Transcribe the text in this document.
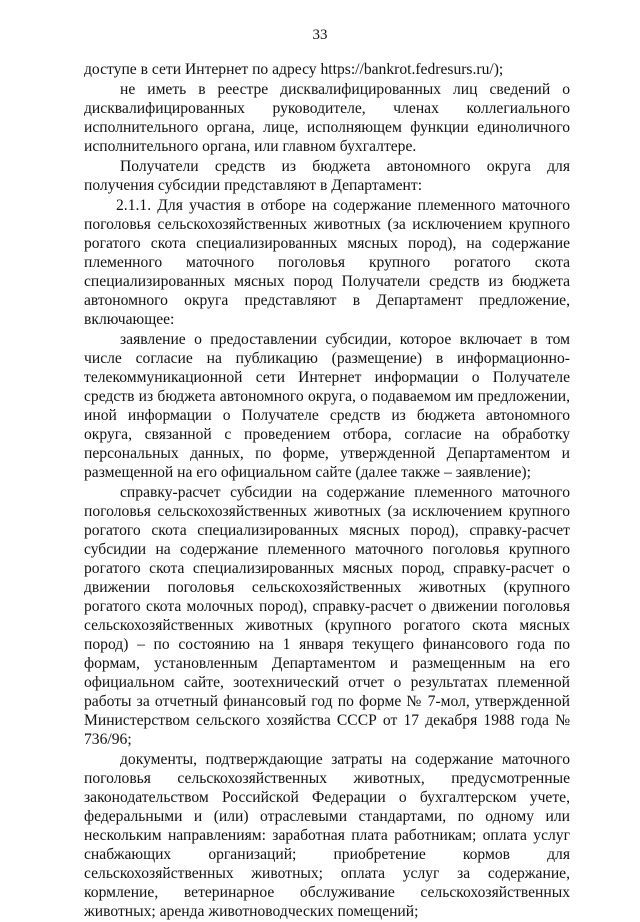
33

доступе в сети Интернет по адресу https://bankrot.fedresurs.ru/);

не иметь в реестре дисквалифицированных лиц сведений о дисквалифицированных руководителе, членах коллегиального исполнительного органа, лице, исполняющем функции единоличного исполнительного органа, или главном бухгалтере.

Получатели средств из бюджета автономного округа для получения субсидии представляют в Департамент:

2.1.1. Для участия в отборе на содержание племенного маточного поголовья сельскохозяйственных животных (за исключением крупного рогатого скота специализированных мясных пород), на содержание племенного маточного поголовья крупного рогатого скота специализированных мясных пород Получатели средств из бюджета автономного округа представляют в Департамент предложение, включающее:

заявление о предоставлении субсидии, которое включает в том числе согласие на публикацию (размещение) в информационно-телекоммуникационной сети Интернет информации о Получателе средств из бюджета автономного округа, о подаваемом им предложении, иной информации о Получателе средств из бюджета автономного округа, связанной с проведением отбора, согласие на обработку персональных данных, по форме, утвержденной Департаментом и размещенной на его официальном сайте (далее также – заявление);

справку-расчет субсидии на содержание племенного маточного поголовья сельскохозяйственных животных (за исключением крупного рогатого скота специализированных мясных пород), справку-расчет субсидии на содержание племенного маточного поголовья крупного рогатого скота специализированных мясных пород, справку-расчет о движении поголовья сельскохозяйственных животных (крупного рогатого скота молочных пород), справку-расчет о движении поголовья сельскохозяйственных животных (крупного рогатого скота мясных пород) – по состоянию на 1 января текущего финансового года по формам, установленным Департаментом и размещенным на его официальном сайте, зоотехнический отчет о результатах племенной работы за отчетный финансовый год по форме № 7-мол, утвержденной Министерством сельского хозяйства СССР от 17 декабря 1988 года № 736/96;

документы, подтверждающие затраты на содержание маточного поголовья сельскохозяйственных животных, предусмотренные законодательством Российской Федерации о бухгалтерском учете, федеральными и (или) отраслевыми стандартами, по одному или нескольким направлениям: заработная плата работникам; оплата услуг снабжающих организаций; приобретение кормов для сельскохозяйственных животных; оплата услуг за содержание, кормление, ветеринарное обслуживание сельскохозяйственных животных; аренда животноводческих помещений;
